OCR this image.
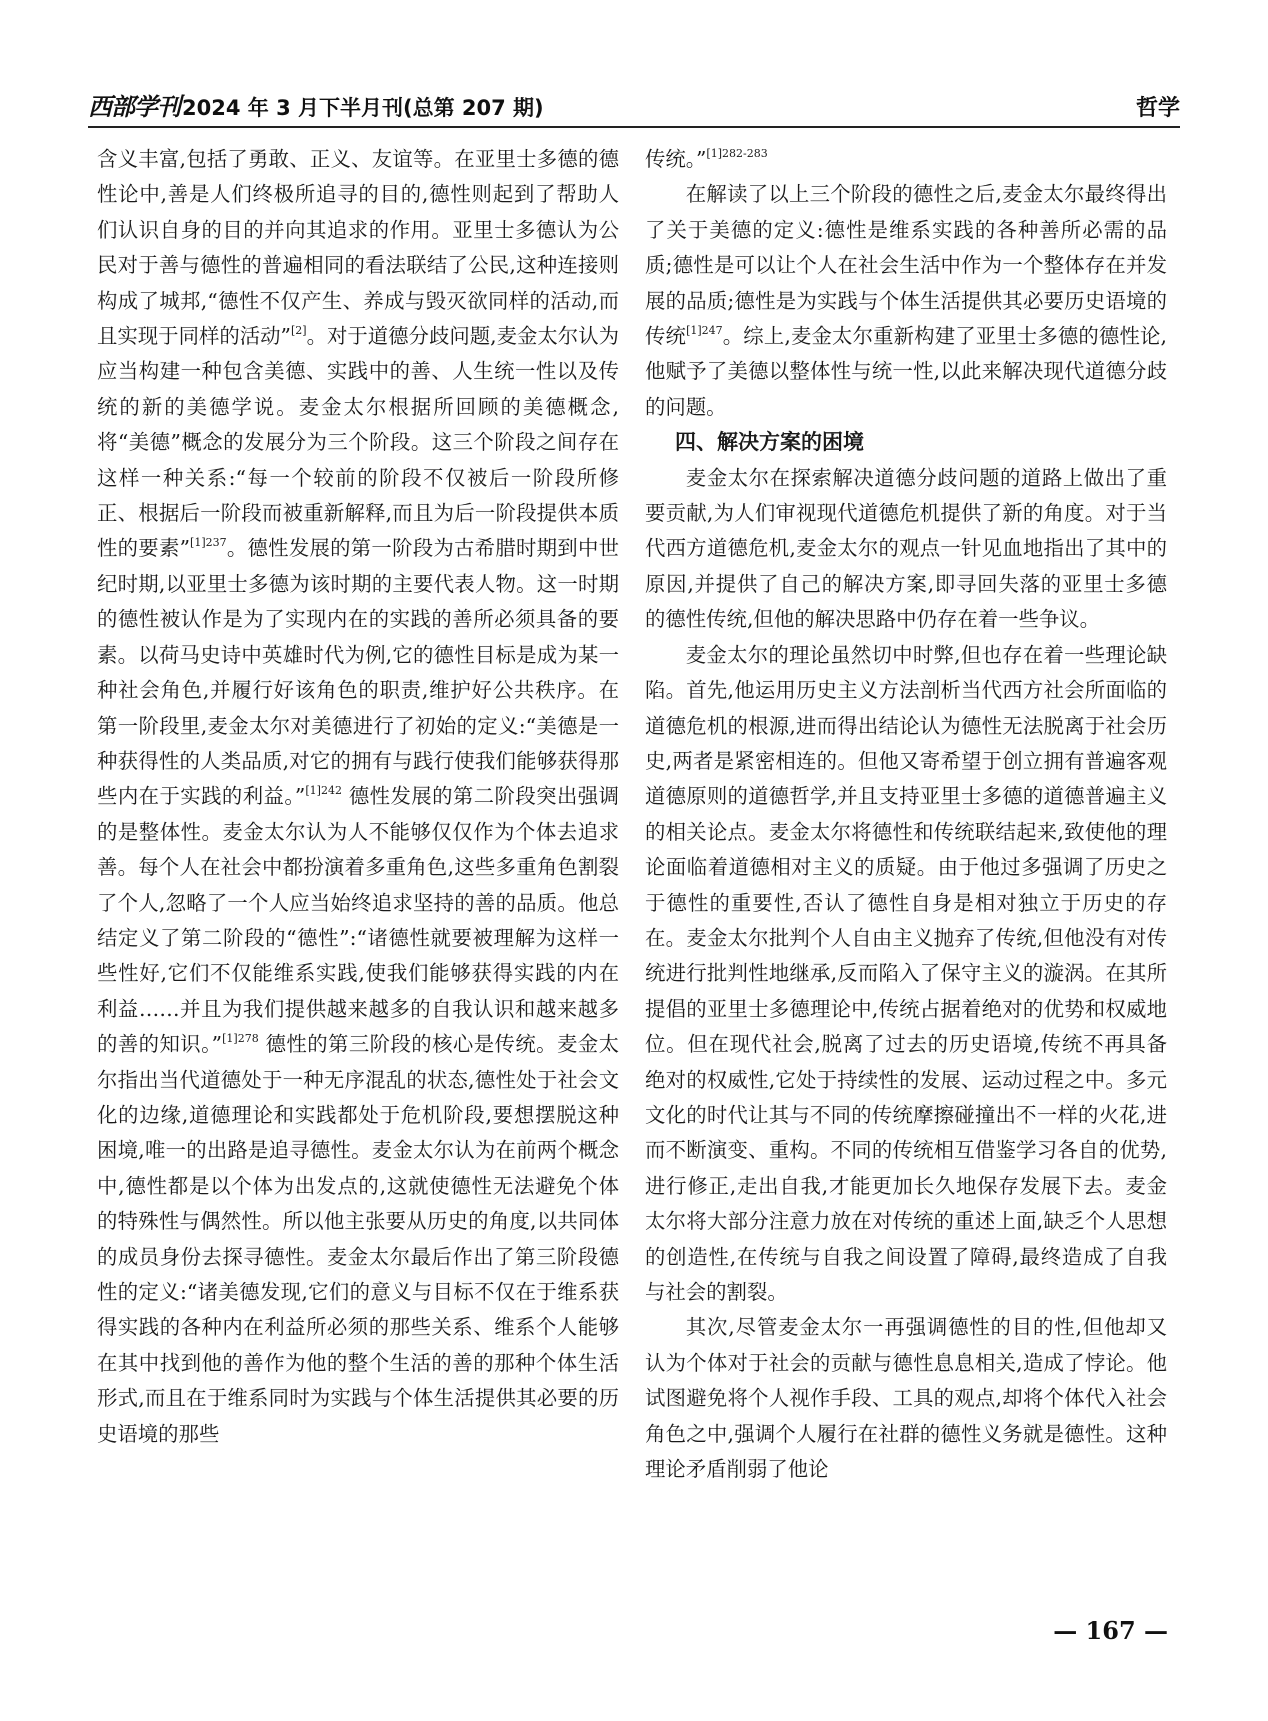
西部学刊 2024 年 3 月下半月刊(总第 207 期)	哲学

含义丰富,包括了勇敢、正义、友谊等。在亚里士多德的德性论中,善是人们终极所追寻的目的,德性则起到了帮助人们认识自身的目的并向其追求的作用。亚里士多德认为公民对于善与德性的普遍相同的看法联结了公民,这种连接则构成了城邦,“德性不仅产生、养成与毁灭欲同样的活动,而且实现于同样的活动”[2]。对于道德分歧问题,麦金太尔认为应当构建一种包含美德、实践中的善、人生统一性以及传统的新的美德学说。麦金太尔根据所回顾的美德概念,将“美德”概念的发展分为三个阶段。这三个阶段之间存在这样一种关系:“每一个较前的阶段不仅被后一阶段所修正、根据后一阶段而被重新解释,而且为后一阶段提供本质性的要素”$^{[1]237}$。德性发展的第一阶段为古希腊时期到中世纪时期,以亚里士多德为该时期的主要代表人物。这一时期的德性被认作是为了实现内在的实践的善所必须具备的要素。以荷马史诗中英雄时代为例,它的德性目标是成为某一种社会角色,并履行好该角色的职责,维护好公共秩序。在第一阶段里,麦金太尔对美德进行了初始的定义:“美德是一种获得性的人类品质,对它的拥有与践行使我们能够获得那些内在于实践的利益。”$^{[1]242}$ 德性发展的第二阶段突出强调的是整体性。麦金太尔认为人不能够仅仅作为个体去追求善。每个人在社会中都扮演着多重角色,这些多重角色割裂了个人,忽略了一个人应当始终追求坚持的善的品质。他总结定义了第二阶段的“德性”:“诸德性就要被理解为这样一些性好,它们不仅能维系实践,使我们能够获得实践的内在利益……并且为我们提供越来越多的自我认识和越来越多的善的知识。”$^{[1]278}$ 德性的第三阶段的核心是传统。麦金太尔指出当代道德处于一种无序混乱的状态,德性处于社会文化的边缘,道德理论和实践都处于危机阶段,要想摆脱这种困境,唯一的出路是追寻德性。麦金太尔认为在前两个概念中,德性都是以个体为出发点的,这就使德性无法避免个体的特殊性与偶然性。所以他主张要从历史的角度,以共同体的成员身份去探寻德性。麦金太尔最后作出了第三阶段德性的定义:“诸美德发现,它们的意义与目标不仅在于维系获得实践的各种内在利益所必须的那些关系、维系个人能够在其中找到他的善作为他的整个生活的善的那种个体生活形式,而且在于维系同时为实践与个体生活提供其必要的历史语境的那些

传统。”$^{[1]282-283}$

在解读了以上三个阶段的德性之后,麦金太尔最终得出了关于美德的定义:德性是维系实践的各种善所必需的品质;德性是可以让个人在社会生活中作为一个整体存在并发展的品质;德性是为实践与个体生活提供其必要历史语境的传统$^{[1]247}$。综上,麦金太尔重新构建了亚里士多德的德性论,他赋予了美德以整体性与统一性,以此来解决现代道德分歧的问题。

四、解决方案的困境

麦金太尔在探索解决道德分歧问题的道路上做出了重要贡献,为人们审视现代道德危机提供了新的角度。对于当代西方道德危机,麦金太尔的观点一针见血地指出了其中的原因,并提供了自己的解决方案,即寻回失落的亚里士多德的德性传统,但他的解决思路中仍存在着一些争议。

麦金太尔的理论虽然切中时弊,但也存在着一些理论缺陷。首先,他运用历史主义方法剖析当代西方社会所面临的道德危机的根源,进而得出结论认为德性无法脱离于社会历史,两者是紧密相连的。但他又寄希望于创立拥有普遍客观道德原则的道德哲学,并且支持亚里士多德的道德普遍主义的相关论点。麦金太尔将德性和传统联结起来,致使他的理论面临着道德相对主义的质疑。由于他过多强调了历史之于德性的重要性,否认了德性自身是相对独立于历史的存在。麦金太尔批判个人自由主义抛弃了传统,但他没有对传统进行批判性地继承,反而陷入了保守主义的漩涡。在其所提倡的亚里士多德理论中,传统占据着绝对的优势和权威地位。但在现代社会,脱离了过去的历史语境,传统不再具备绝对的权威性,它处于持续性的发展、运动过程之中。多元文化的时代让其与不同的传统摩擦碰撞出不一样的火花,进而不断演变、重构。不同的传统相互借鉴学习各自的优势,进行修正,走出自我,才能更加长久地保存发展下去。麦金太尔将大部分注意力放在对传统的重述上面,缺乏个人思想的创造性,在传统与自我之间设置了障碍,最终造成了自我与社会的割裂。

其次,尽管麦金太尔一再强调德性的目的性,但他却又认为个体对于社会的贡献与德性息息相关,造成了悖论。他试图避免将个人视作手段、工具的观点,却将个体代入社会角色之中,强调个人履行在社群的德性义务就是德性。这种理论矛盾削弱了他论

— 167 —
